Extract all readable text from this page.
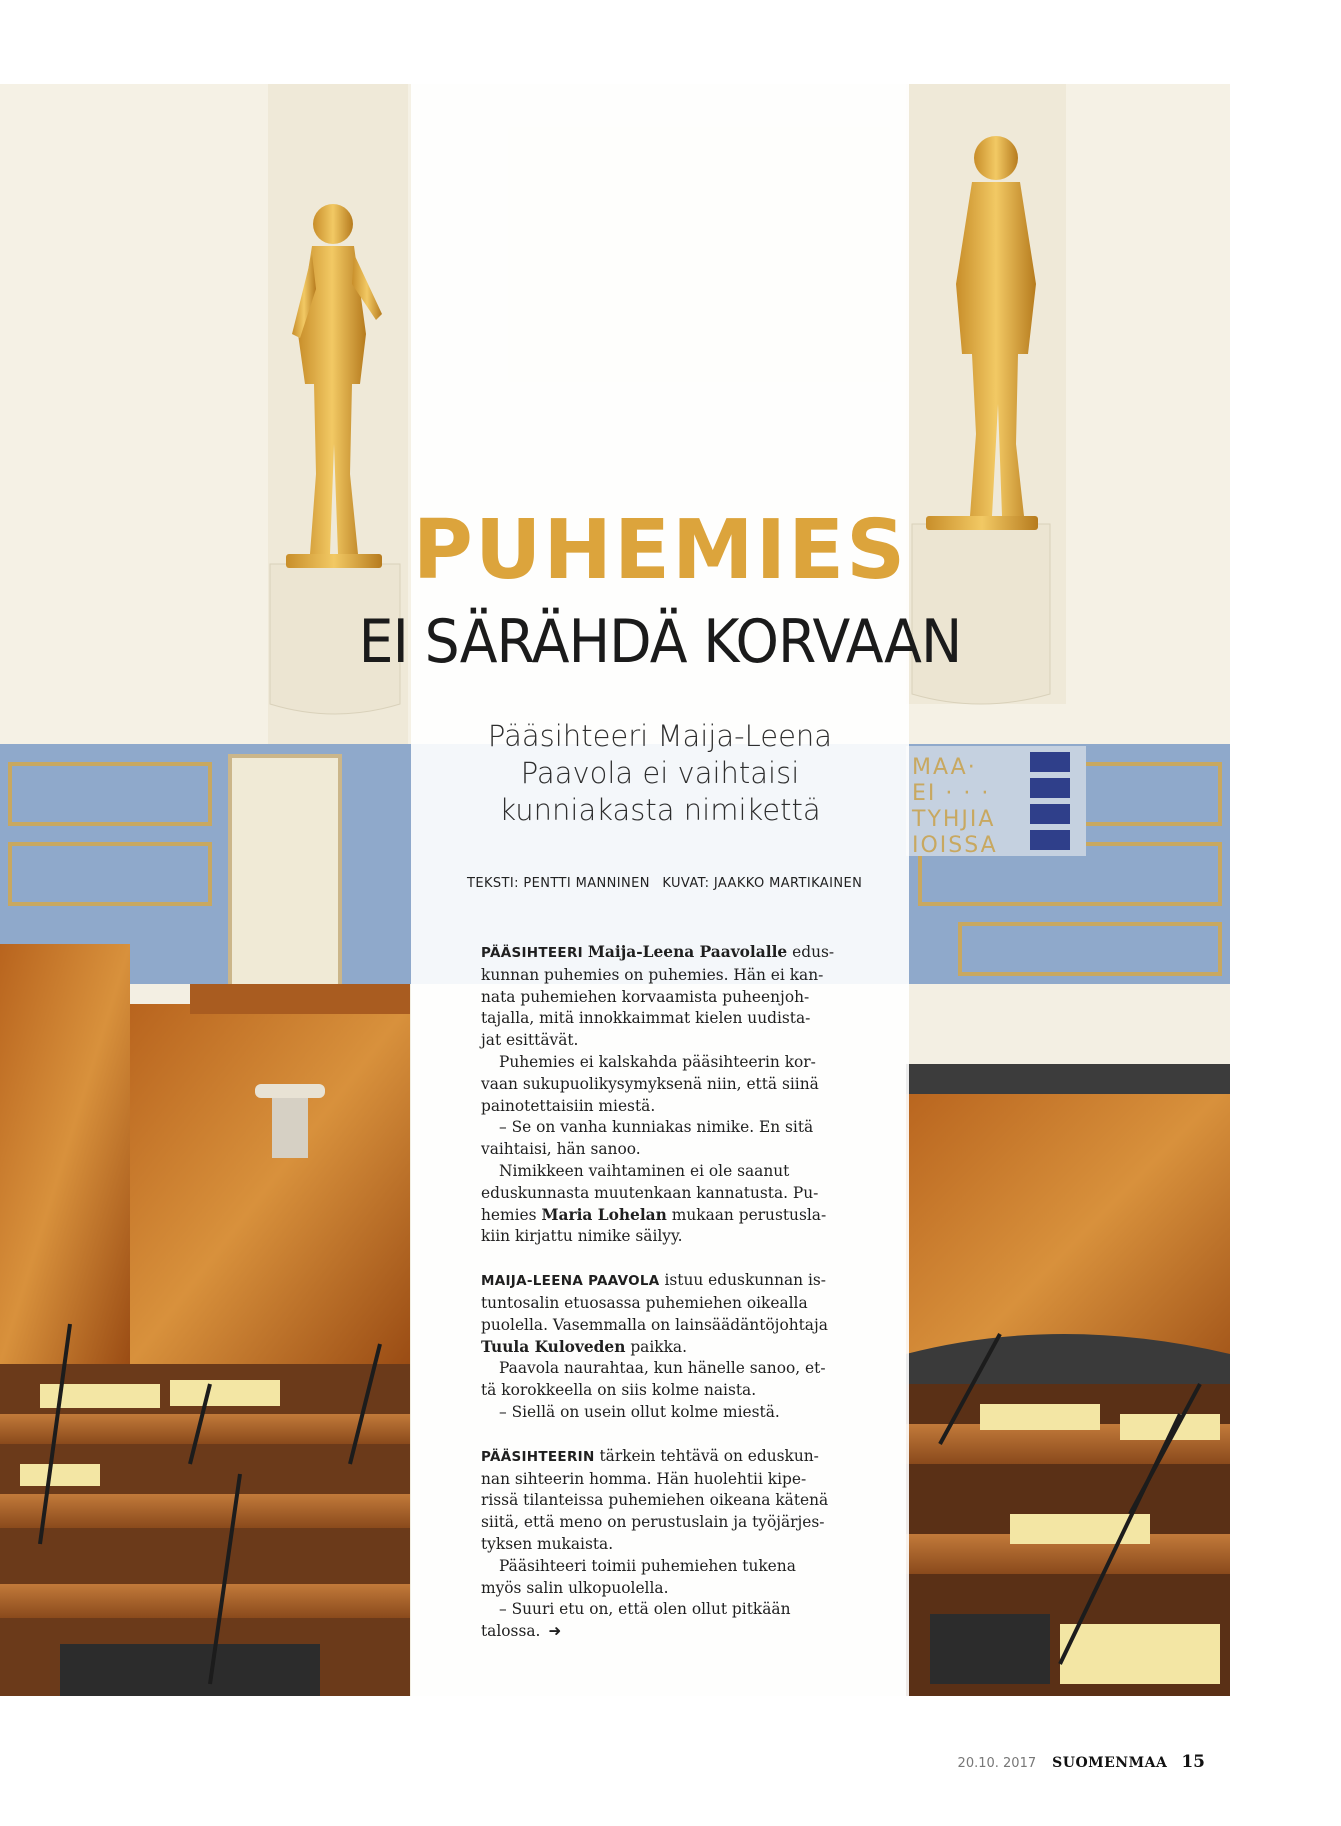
MAA·
EI · · ·
TYHJIA
IOISSA
PUHEMIES
EI SÄRÄHDÄ KORVAAN
Pääsihteeri Maija-Leena
Paavola ei vaihtaisi
kunniakasta nimikettä
TEKSTI: PENTTI MANNINEN KUVAT: JAAKKO MARTIKAINEN

PÄÄSIHTEERI Maija-Leena Paavolalle edus-

kunnan puhemies on puhemies. Hän ei kan-

nata puhemiehen korvaamista puheenjoh-

tajalla, mitä innokkaimmat kielen uudista-

jat esittävät.

Puhemies ei kalskahda pääsihteerin kor-

vaan sukupuolikysymyksenä niin, että siinä

painotettaisiin miestä.

– Se on vanha kunniakas nimike. En sitä

vaihtaisi, hän sanoo.

Nimikkeen vaihtaminen ei ole saanut

eduskunnasta muutenkaan kannatusta. Pu-

hemies Maria Lohelan mukaan perustusla-

kiin kirjattu nimike säilyy.

MAIJA-LEENA PAAVOLA istuu eduskunnan is-

tuntosalin etuosassa puhemiehen oikealla

puolella. Vasemmalla on lainsäädäntöjohtaja

Tuula Kuloveden paikka.

Paavola naurahtaa, kun hänelle sanoo, et-

tä korokkeella on siis kolme naista.

– Siellä on usein ollut kolme miestä.

PÄÄSIHTEERIN tärkein tehtävä on eduskun-

nan sihteerin homma. Hän huolehtii kipe-

rissä tilanteissa puhemiehen oikeana kätenä

siitä, että meno on perustuslain ja työjärjes-

tyksen mukaista.

Pääsihteeri toimii puhemiehen tukena

myös salin ulkopuolella.

– Suuri etu on, että olen ollut pitkään

talossa. ➜

20.10. 2017 SUOMENMAA 15
